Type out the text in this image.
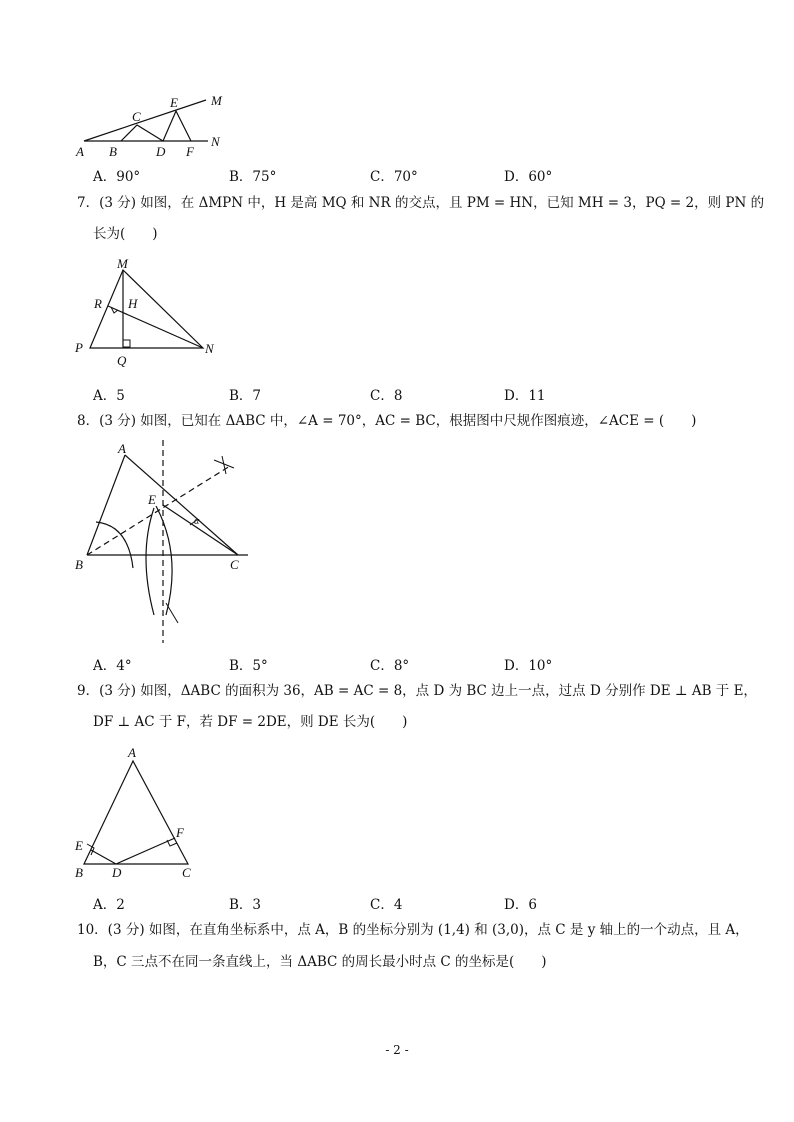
A B
C
D
E
F
M
N
A．90°	B．75°	C．70°	D．60°
7．(3 分) 如图，在 ΔMPN 中，H 是高 MQ 和 NR 的交点，且 PM = HN，已知 MH = 3，PQ = 2，则 PN 的
长为(　　)
M
R H
P
Q
N
A．5	B．7	C．8	D．11
8．(3 分) 如图，已知在 ΔABC 中，∠A = 70°，AC = BC，根据图中尺规作图痕迹，∠ACE = (　　)
A
E
α
B	C
A．4°	B．5°	C．8°	D．10°
9．(3 分) 如图，ΔABC 的面积为 36，AB = AC = 8，点 D 为 BC 边上一点，过点 D 分别作 DE ⊥ AB 于 E，
DF ⊥ AC 于 F，若 DF = 2DE，则 DE 长为(　　)
A
E
F
B D	C
A．2	B．3	C．4	D．6
10．(3 分) 如图，在直角坐标系中，点 A，B 的坐标分别为 (1,4) 和 (3,0)，点 C 是 y 轴上的一个动点，且 A，
B，C 三点不在同一条直线上，当 ΔABC 的周长最小时点 C 的坐标是(　　)
- 2 -
